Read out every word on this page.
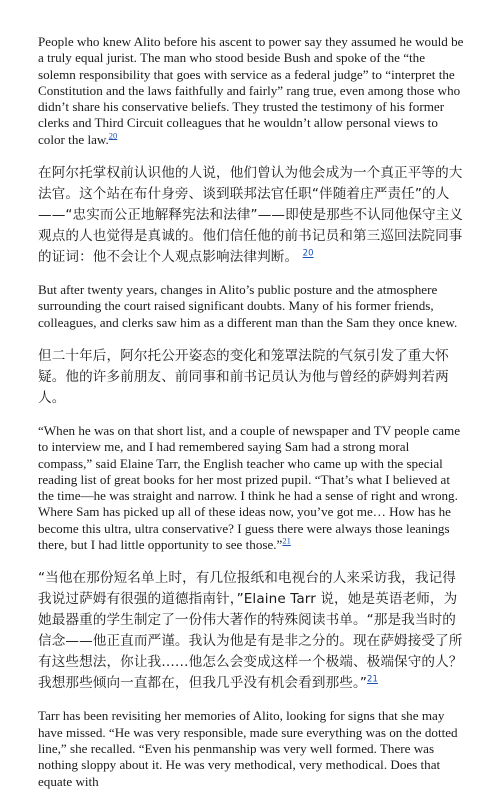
People who knew Alito before his ascent to power say they assumed he would be a truly equal jurist. The man who stood beside Bush and spoke of the “the solemn responsibility that goes with service as a federal judge” to “interpret the Constitution and the laws faithfully and fairly” rang true, even among those who didn’t share his conservative beliefs. They trusted the testimony of his former clerks and Third Circuit colleagues that he wouldn’t allow personal views to color the law.$^{20}$

在阿尔托掌权前认识他的人说，他们曾认为他会成为一个真正平等的大法官。这个站在布什身旁、谈到联邦法官任职“伴随着庄严责任”的人——“忠实而公正地解释宪法和法律”——即使是那些不认同他保守主义观点的人也觉得是真诚的。他们信任他的前书记员和第三巡回法院同事的证词：他不会让个人观点影响法律判断。 $^{20}$

But after twenty years, changes in Alito’s public posture and the atmosphere surrounding the court raised significant doubts. Many of his former friends, colleagues, and clerks saw him as a different man than the Sam they once knew.

但二十年后，阿尔托公开姿态的变化和笼罩法院的气氛引发了重大怀疑。他的许多前朋友、前同事和前书记员认为他与曾经的萨姆判若两人。

“When he was on that short list, and a couple of newspaper and TV people came to interview me, and I had remembered saying Sam had a strong moral compass,” said Elaine Tarr, the English teacher who came up with the special reading list of great books for her most prized pupil. “That’s what I believed at the time—he was straight and narrow. I think he had a sense of right and wrong. Where Sam has picked up all of these ideas now, you’ve got me… How has he become this ultra, ultra conservative? I guess there were always those leanings there, but I had little opportunity to see those.”$^{21}$

“当他在那份短名单上时，有几位报纸和电视台的人来采访我，我记得我说过萨姆有很强的道德指南针，”Elaine Tarr 说，她是英语老师，为她最器重的学生制定了一份伟大著作的特殊阅读书单。“那是我当时的信念——他正直而严谨。我认为他是有是非之分的。现在萨姆接受了所有这些想法，你让我……他怎么会变成这样一个极端、极端保守的人？我想那些倾向一直都在，但我几乎没有机会看到那些。”$^{21}$

Tarr has been revisiting her memories of Alito, looking for signs that she may have missed. “He was very responsible, made sure everything was on the dotted line,” she recalled. “Even his penmanship was very well formed. There was nothing sloppy about it. He was very methodical, very methodical. Does that equate with
